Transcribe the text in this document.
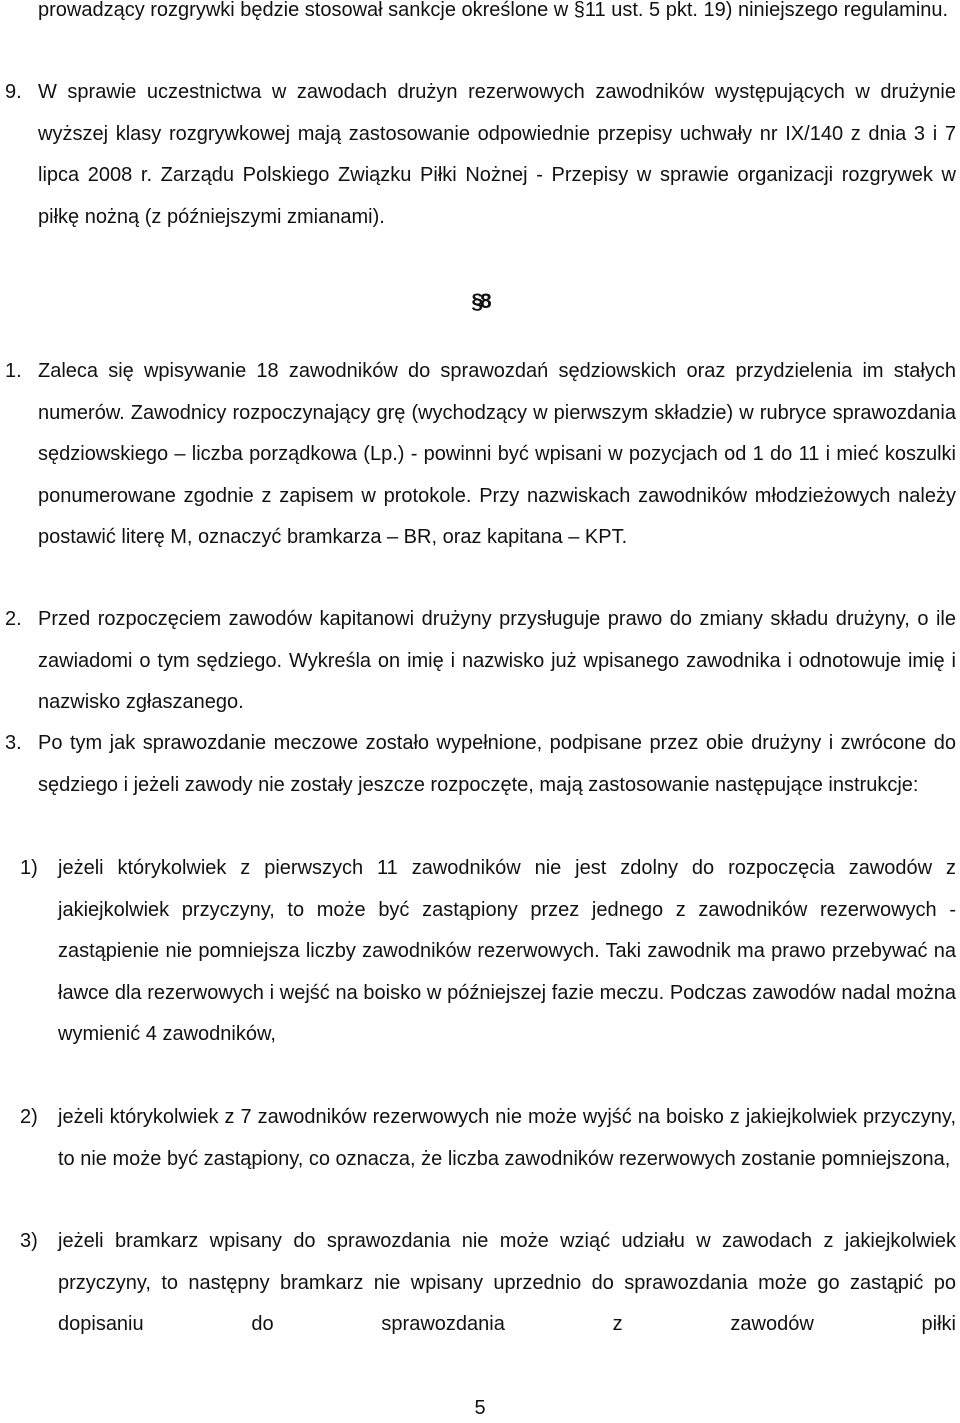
prowadzący rozgrywki będzie stosował sankcje określone w §11 ust. 5 pkt. 19) niniejszego regulaminu.

9. W sprawie uczestnictwa w zawodach drużyn rezerwowych zawodników występujących w drużynie wyższej klasy rozgrywkowej mają zastosowanie odpowiednie przepisy uchwały nr IX/140 z dnia 3 i 7 lipca 2008 r. Zarządu Polskiego Związku Piłki Nożnej - Przepisy w sprawie organizacji rozgrywek w piłkę nożną (z późniejszymi zmianami).

§8
1. Zaleca się wpisywanie 18 zawodników do sprawozdań sędziowskich oraz przydzielenia im stałych numerów. Zawodnicy rozpoczynający grę (wychodzący w pierwszym składzie) w rubryce sprawozdania sędziowskiego – liczba porządkowa (Lp.) - powinni być wpisani w pozycjach od 1 do 11 i mieć koszulki ponumerowane zgodnie z zapisem w protokole. Przy nazwiskach zawodników młodzieżowych należy postawić literę M, oznaczyć bramkarza – BR, oraz kapitana – KPT.

2. Przed rozpoczęciem zawodów kapitanowi drużyny przysługuje prawo do zmiany składu drużyny, o ile zawiadomi o tym sędziego. Wykreśla on imię i nazwisko już wpisanego zawodnika i odnotowuje imię i nazwisko zgłaszanego.

3. Po tym jak sprawozdanie meczowe zostało wypełnione, podpisane przez obie drużyny i zwrócone do sędziego i jeżeli zawody nie zostały jeszcze rozpoczęte, mają zastosowanie następujące instrukcje:

1) jeżeli którykolwiek z pierwszych 11 zawodników nie jest zdolny do rozpoczęcia zawodów z jakiejkolwiek przyczyny, to może być zastąpiony przez jednego z zawodników rezerwowych - zastąpienie nie pomniejsza liczby zawodników rezerwowych. Taki zawodnik ma prawo przebywać na ławce dla rezerwowych i wejść na boisko w późniejszej fazie meczu. Podczas zawodów nadal można wymienić 4 zawodników,

2) jeżeli którykolwiek z 7 zawodników rezerwowych nie może wyjść na boisko z jakiejkolwiek przyczyny, to nie może być zastąpiony, co oznacza, że liczba zawodników rezerwowych zostanie pomniejszona,

3) jeżeli bramkarz wpisany do sprawozdania nie może wziąć udziału w zawodach z jakiejkolwiek przyczyny, to następny bramkarz nie wpisany uprzednio do sprawozdania może go zastąpić po dopisaniu do sprawozdania z zawodów piłki

5
